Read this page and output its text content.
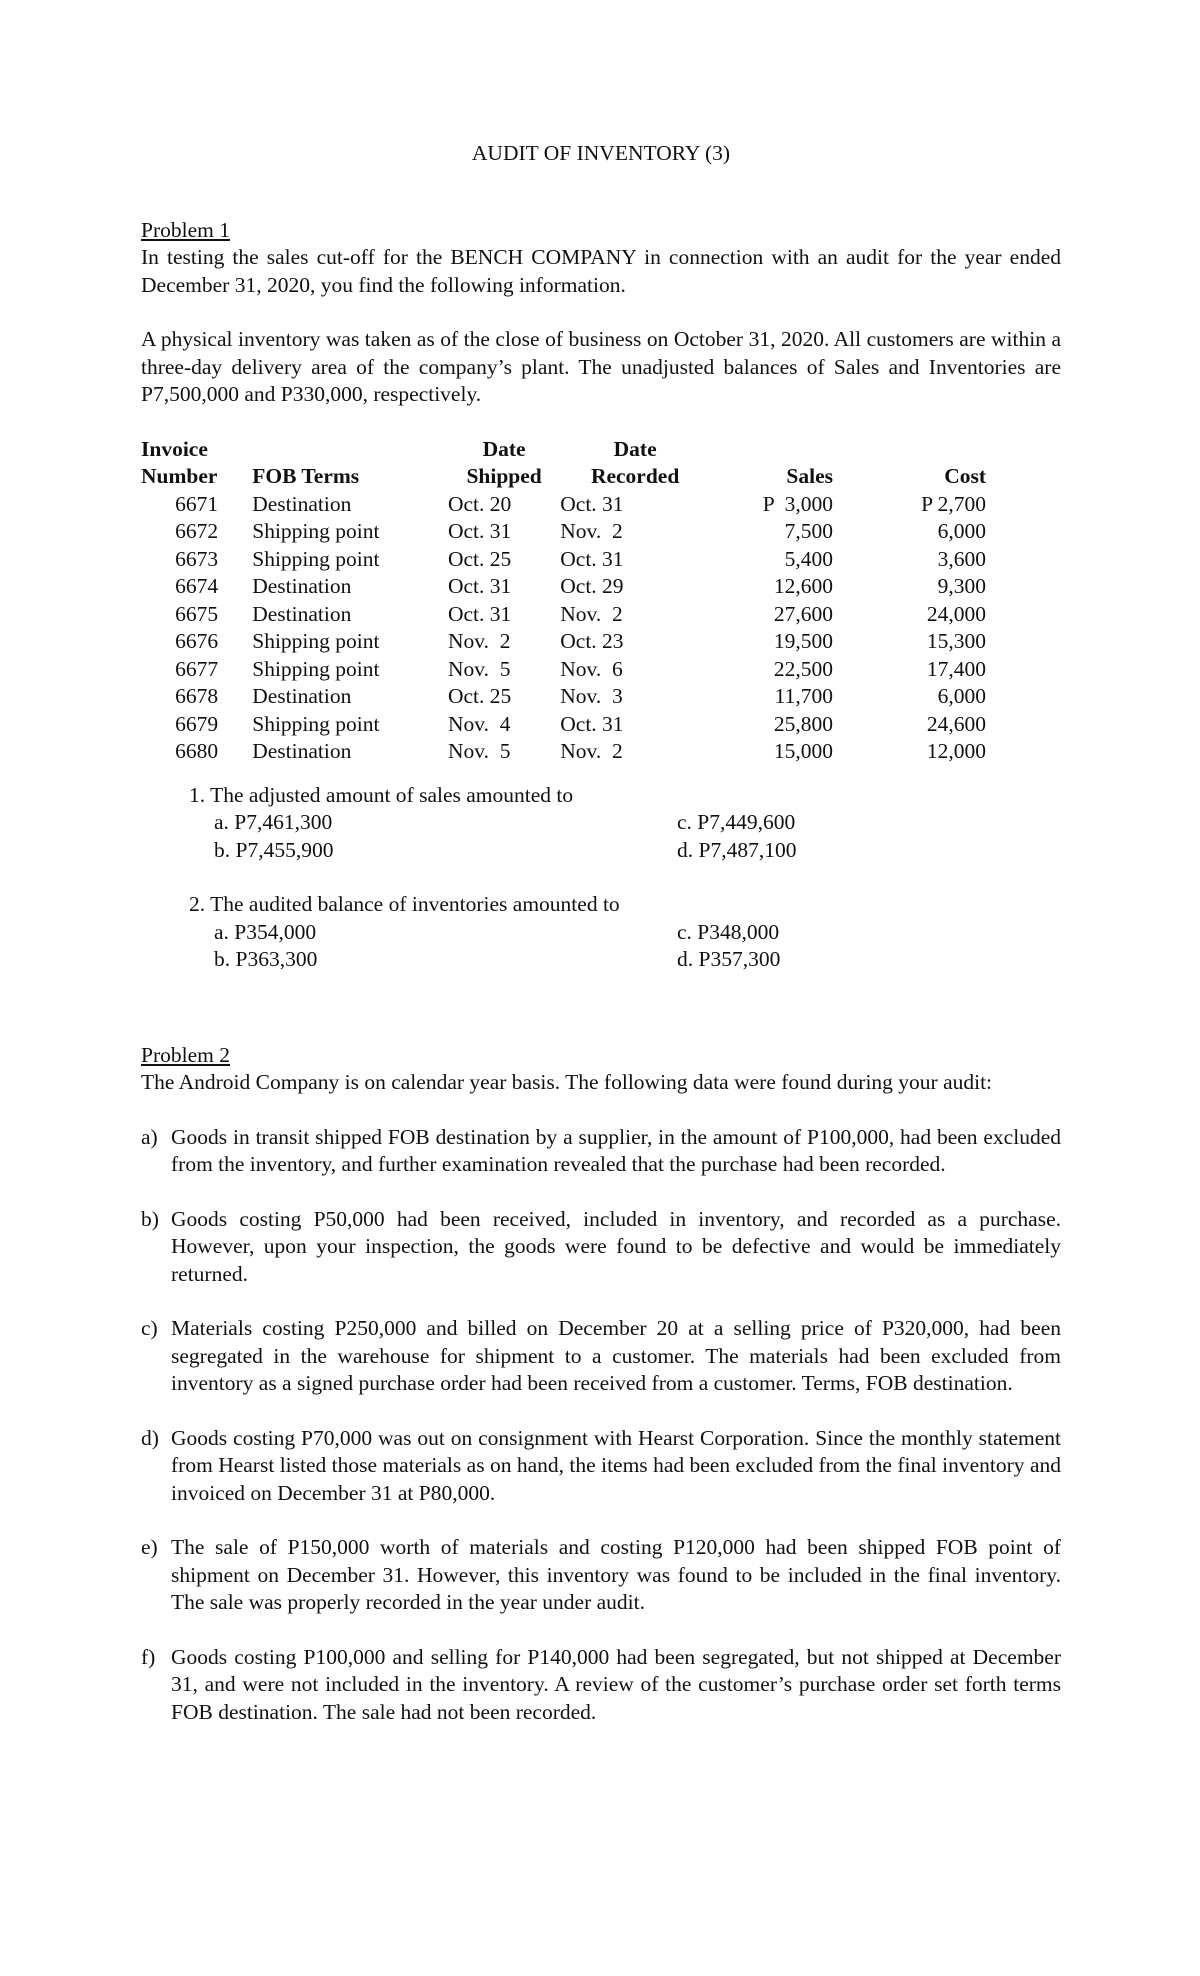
AUDIT OF INVENTORY (3)

Problem 1

In testing the sales cut-off for the BENCH COMPANY in connection with an audit for the year ended December 31, 2020, you find the following information.

A physical inventory was taken as of the close of business on October 31, 2020. All customers are within a three-day delivery area of the company’s plant. The unadjusted balances of Sales and Inventories are P7,500,000 and P330,000, respectively.

Invoice		Date	Date		
Number	FOB Terms	Shipped	Recorded	Sales	Cost
6671	Destination	Oct. 20	Oct. 31	P  3,000	P 2,700
6672	Shipping point	Oct. 31	Nov.  2	7,500	6,000
6673	Shipping point	Oct. 25	Oct. 31	5,400	3,600
6674	Destination	Oct. 31	Oct. 29	12,600	9,300
6675	Destination	Oct. 31	Nov.  2	27,600	24,000
6676	Shipping point	Nov.  2	Oct. 23	19,500	15,300
6677	Shipping point	Nov.  5	Nov.  6	22,500	17,400
6678	Destination	Oct. 25	Nov.  3	11,700	6,000
6679	Shipping point	Nov.  4	Oct. 31	25,800	24,600
6680	Destination	Nov.  5	Nov.  2	15,000	12,000

1. The adjusted amount of sales amounted to

a. P7,461,300	c. P7,449,600
b. P7,455,900	d. P7,487,100

2. The audited balance of inventories amounted to

a. P354,000	c. P348,000
b. P363,300	d. P357,300

Problem 2

The Android Company is on calendar year basis. The following data were found during your audit:

a) Goods in transit shipped FOB destination by a supplier, in the amount of P100,000, had been excluded from the inventory, and further examination revealed that the purchase had been recorded.
b) Goods costing P50,000 had been received, included in inventory, and recorded as a purchase. However, upon your inspection, the goods were found to be defective and would be immediately returned.
c) Materials costing P250,000 and billed on December 20 at a selling price of P320,000, had been segregated in the warehouse for shipment to a customer. The materials had been excluded from inventory as a signed purchase order had been received from a customer. Terms, FOB destination.
d) Goods costing P70,000 was out on consignment with Hearst Corporation. Since the monthly statement from Hearst listed those materials as on hand, the items had been excluded from the final inventory and invoiced on December 31 at P80,000.
e) The sale of P150,000 worth of materials and costing P120,000 had been shipped FOB point of shipment on December 31. However, this inventory was found to be included in the final inventory. The sale was properly recorded in the year under audit.
f) Goods costing P100,000 and selling for P140,000 had been segregated, but not shipped at December 31, and were not included in the inventory. A review of the customer’s purchase order set forth terms FOB destination. The sale had not been recorded.
